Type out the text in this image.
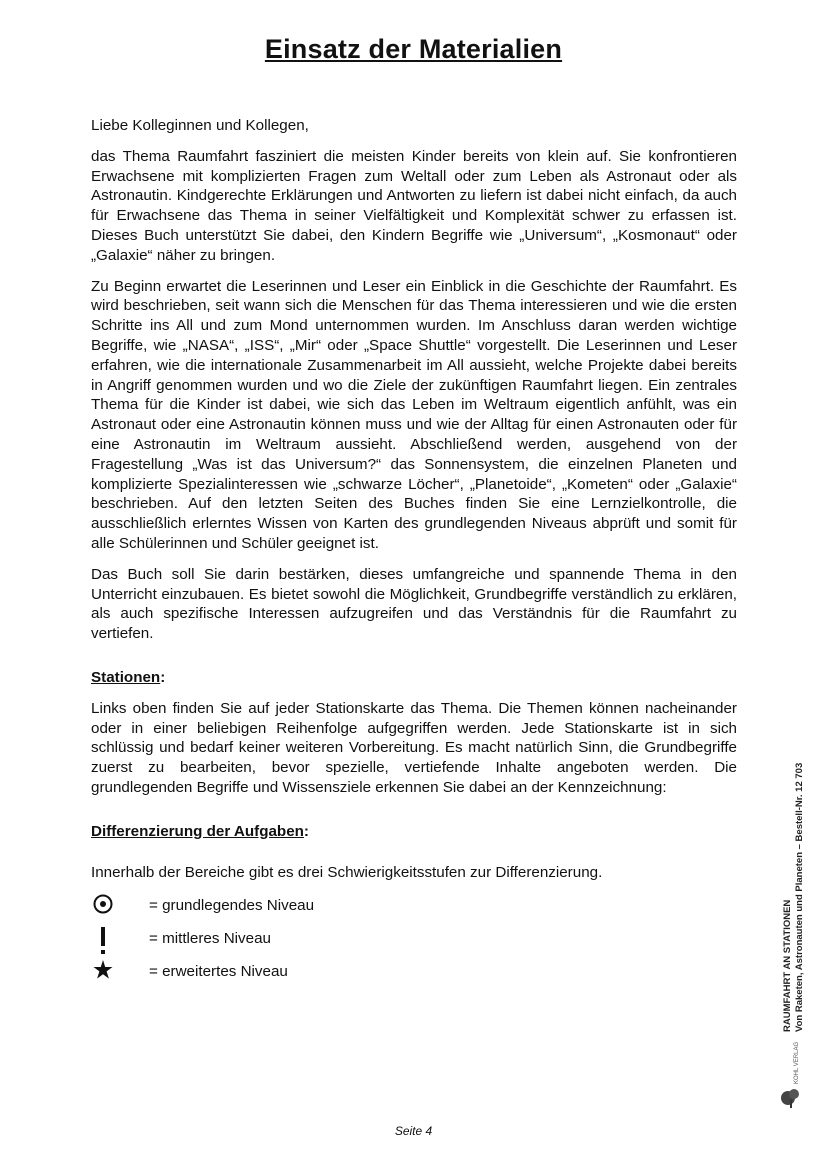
Einsatz der Materialien

Liebe Kolleginnen und Kollegen,

das Thema Raumfahrt fasziniert die meisten Kinder bereits von klein auf. Sie konfrontieren Erwachsene mit komplizierten Fragen zum Weltall oder zum Leben als Astronaut oder als Astronautin. Kindgerechte Erklärungen und Antworten zu liefern ist dabei nicht einfach, da auch für Erwachsene das Thema in seiner Vielfältigkeit und Komplexität schwer zu erfassen ist. Dieses Buch unterstützt Sie dabei, den Kindern Begriffe wie „Universum“, „Kosmonaut“ oder „Galaxie“ näher zu bringen.

Zu Beginn erwartet die Leserinnen und Leser ein Einblick in die Geschichte der Raumfahrt. Es wird beschrieben, seit wann sich die Menschen für das Thema interessieren und wie die ersten Schritte ins All und zum Mond unternommen wurden. Im Anschluss daran werden wichtige Begriffe, wie „NASA“, „ISS“, „Mir“ oder „Space Shuttle“ vorgestellt. Die Leserinnen und Leser erfahren, wie die internationale Zusammenarbeit im All aussieht, welche Projekte dabei bereits in Angriff genommen wurden und wo die Ziele der zukünftigen Raumfahrt liegen. Ein zentrales Thema für die Kinder ist dabei, wie sich das Leben im Weltraum eigentlich anfühlt, was ein Astronaut oder eine Astronautin können muss und wie der Alltag für einen Astronauten oder für eine Astronautin im Weltraum aussieht. Abschließend werden, ausgehend von der Fragestellung „Was ist das Universum?“ das Sonnensystem, die einzelnen Planeten und komplizierte Spezialinteressen wie „schwarze Löcher“, „Planetoide“, „Kometen“ oder „Galaxie“ beschrieben. Auf den letzten Seiten des Buches finden Sie eine Lernzielkontrolle, die ausschließlich erlerntes Wissen von Karten des grundlegenden Niveaus abprüft und somit für alle Schülerinnen und Schüler geeignet ist.

Das Buch soll Sie darin bestärken, dieses umfangreiche und spannende Thema in den Unterricht einzubauen. Es bietet sowohl die Möglichkeit, Grundbegriffe verständlich zu erklären, als auch spezifische Interessen aufzugreifen und das Verständnis für die Raumfahrt zu vertiefen.

Stationen:

Links oben finden Sie auf jeder Stationskarte das Thema. Die Themen können nacheinander oder in einer beliebigen Reihenfolge aufgegriffen werden. Jede Stationskarte ist in sich schlüssig und bedarf keiner weiteren Vorbereitung. Es macht natürlich Sinn, die Grundbegriffe zuerst zu bearbeiten, bevor spezielle, vertiefende Inhalte angeboten werden. Die grundlegenden Begriffe und Wissensziele erkennen Sie dabei an der Kennzeichnung:

Differenzierung der Aufgaben:

Innerhalb der Bereiche gibt es drei Schwierigkeitsstufen zur Differenzierung.

= grundlegendes Niveau
= mittleres Niveau
= erweitertes Niveau	RAUMFAHRT AN STATIONEN Von Raketen, Astronauten und Planeten – Bestell-Nr. 12 703
KOHL VERLAG
Seite 4
